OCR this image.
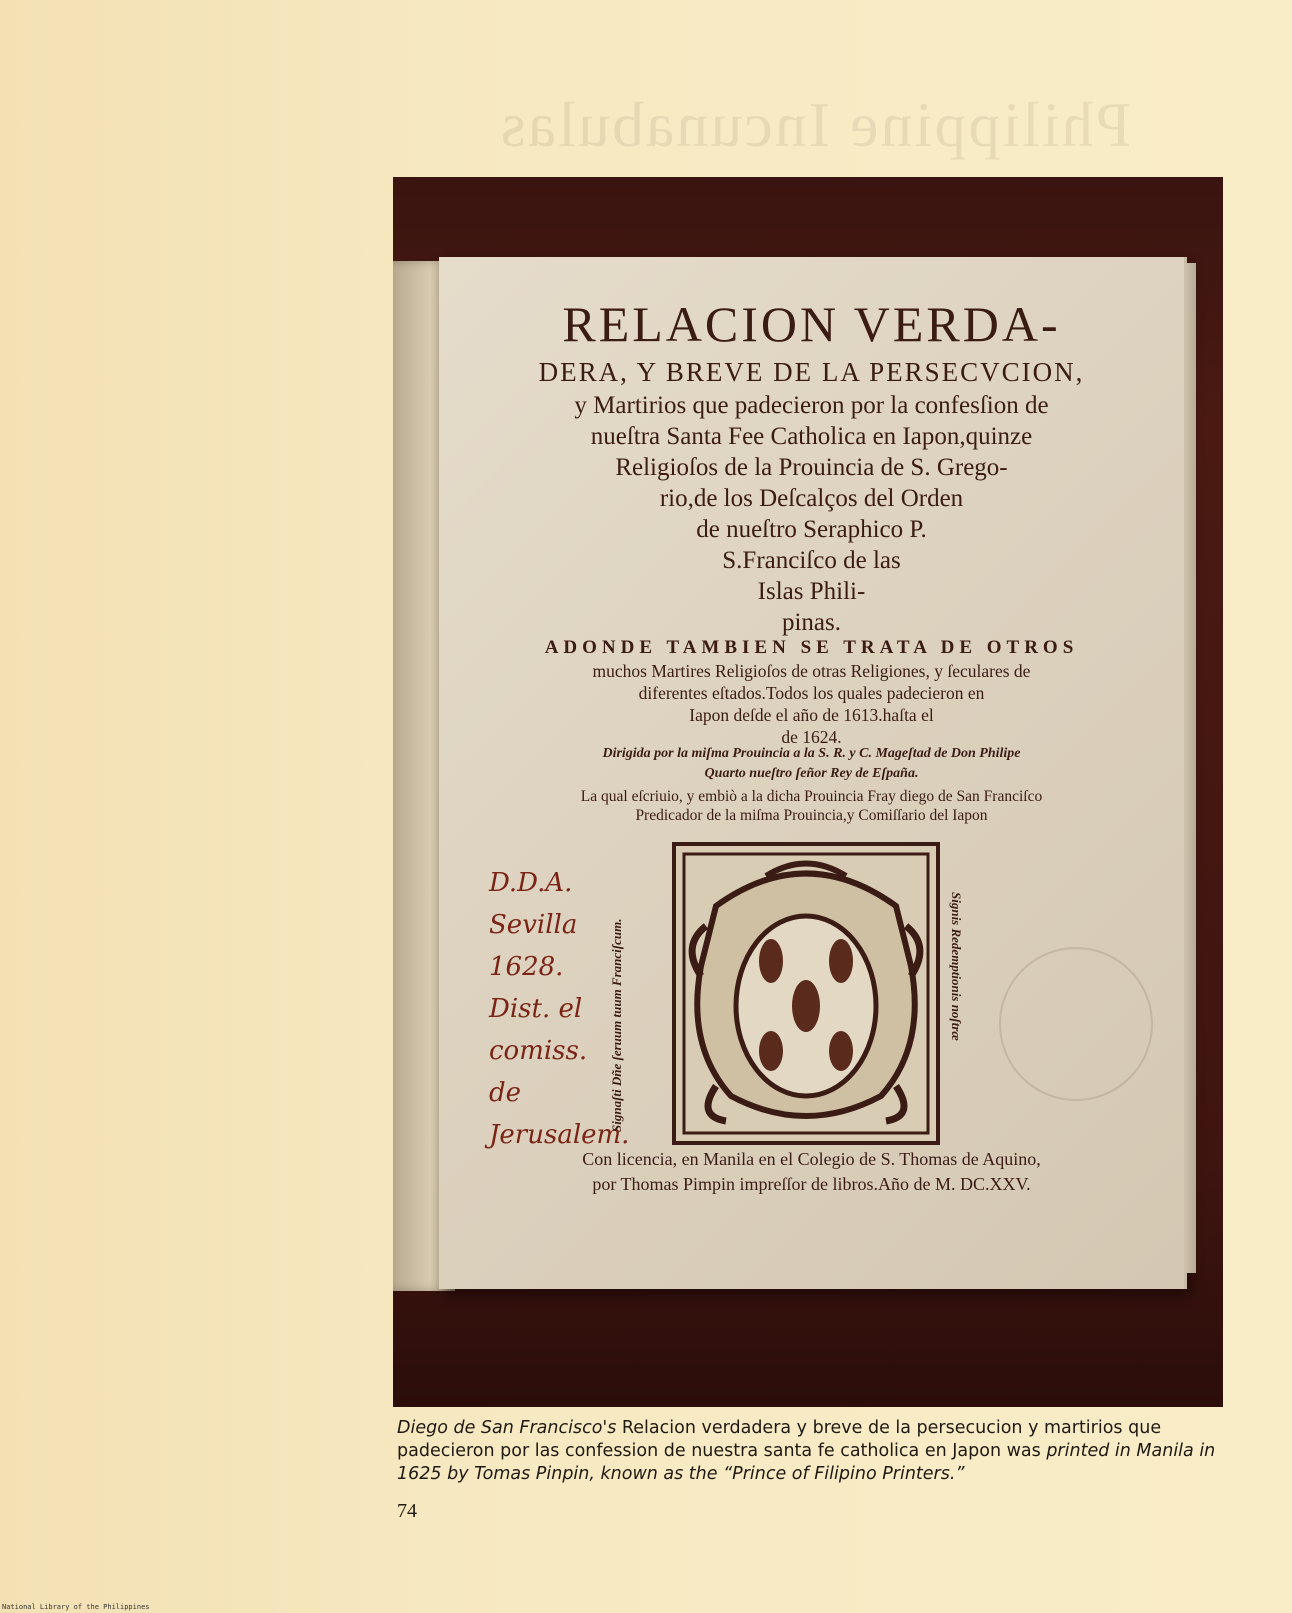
Philippine Incunabulas
RELACION VERDA-
DERA, Y BREVE DE LA PERSECVCION,
y Martirios que padecieron por la confesſion de
nueſtra Santa Fee Catholica en Iapon,quinze
Religioſos de la Prouincia de S. Grego-
rio,de los Deſcalços del Orden
de nueſtro Seraphico P.
S.Franciſco de las
Islas Phili-
pinas.
ADONDE TAMBIEN SE TRATA DE OTROS
muchos Martires Religioſos de otras Religiones, y ſeculares de
diferentes eſtados.Todos los quales padecieron en
Iapon deſde el año de 1613.haſta el
de 1624.
Dirigida por la miſma Prouincia a la S. R. y C. Mageſtad de Don Philipe
Quarto nueſtro ſeñor Rey de Eſpaña.
La qual eſcriuio, y embiò a la dicha Prouincia Fray diego de San Franciſco
Predicador de la miſma Prouincia,y Comiſſario del Iapon
D.D.A.
Sevilla
1628.
Dist. el
comiss. de
Jerusalem.
Signaſti Dñe ſeruum tuum Franciſcum.	Signis Redemptionis noſtræ
Con licencia, en Manila en el Colegio de S. Thomas de Aquino,
por Thomas Pimpin impreſſor de libros.Año de M. DC.XXV.
Diego de San Francisco's Relacion verdadera y breve de la persecucion y martirios que padecieron por las confession de nuestra santa fe catholica en Japon was printed in Manila in 1625 by Tomas Pinpin, known as the “Prince of Filipino Printers.”
74
National Library of the Philippines
